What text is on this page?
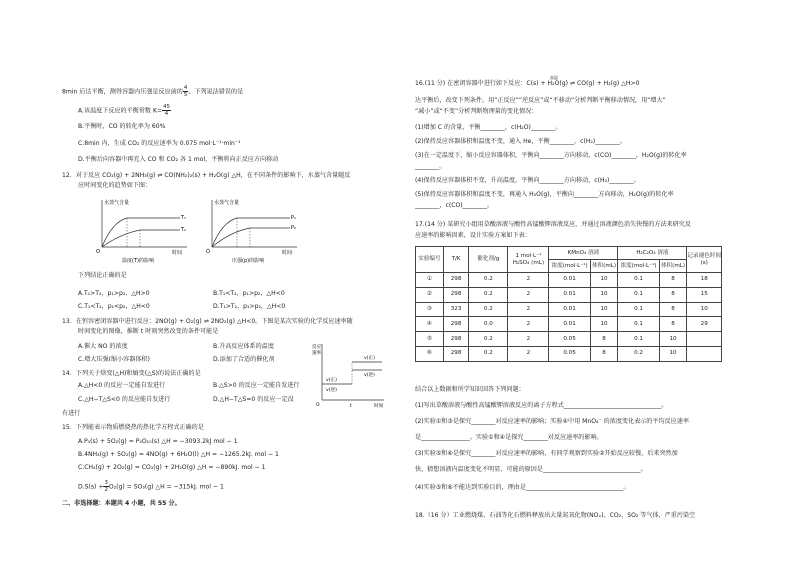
8min 后达平衡，测得容器内压强是反应前的 $\frac{4}{5}$ 。下列说法错误的是
A.该温度下反应的平衡常数 $K= \frac{45}{4}$
B.平衡时，CO 的转化率为 60%
C.8min 内，生成 CO₂ 的反应速率为 0.075 mol·L⁻¹·min⁻¹
D.平衡后向容器中再充入 CO 和 CO₂ 各 1 mol，平衡将向正反应方向移动
12．对于反应 CO₂(g) + 2NH₃(g) ⇌ CO(NH₂)₂(s) + H₂O(g) △H，在不同条件的影响下，水蒸气含量随反
应时间变化的趋势如下图：
水蒸气含量
T₁
T₂
O	时间
温度(T)的影响
水蒸气含量
P₁
P₂
O	时间
压强(p)的影响
下列结论正确的是
A.T₁>T₂，p₁>p₂，△H>0	B.T₁<T₂，p₁>p₂，△H<0
C.T₁<T₂，p₁<p₂，△H<0	D.T₁>T₂，p₁>p₂，△H<0
13．在恒容密闭容器中进行反应：2NO(g) + O₂(g) ⇌ 2NO₂(g) △H<0。下图是某次实验的化学反应速率随
时间变化的图像，推断 t 时刻突然改变的条件可能是
A.催大 NO 的浓度	B.升高反应体系的温度
C.增大压强(缩小容器体积)	D.添加了合适的催化剂
反应
速率
v(正)
v(逆)
v(正)
v(逆)
O	t	时间
14．下列关于焓变(△H)和熵变(△S)的说法正确的是
A.△H<0 的反应一定能自发进行	B.△S>0 的反应一定能自发进行
C.△H−T△S<0 的反应能自发进行	D.△H−T△S=0 的反应一定没
有进行
15．下列能表示物质燃烧热的热化学方程式正确的是
A.P₄(s) + 5O₂(g) = P₄O₁₀(s) △H = −3093.2kJ mol − 1
B.4NH₃(g) + 5O₂(g) = 4NO(g) + 6H₂O(l) △H = −1265.2kJ. mol − 1
C.CH₄(g) + 2O₂(g) = CO₂(g) + 2H₂O(g) △H = −890kJ. mol − 1
$D.S(s) + \frac{3}{2} O_2(g) = SO_3(g)$ △H = −315kJ. mol − 1
二、非选择题：本题共 4 小题，共 55 分。
16.(11 分) 在密闭容器中进行如下反应：C(s) + H₂O(g) ⇌ CO(g) + H₂(g) △H>0
高温
达平衡后，改变下列条件，用“正反应”“逆反应”或“不移动”分析判断平衡移动情况，用“增大”
“减小”或“不变”分析判断物理量的变化情况：
(1)增加 C 的含量，平衡________，c(H₂O)________。
(2)保持反应容器体积和温度不变，通入 He，平衡________，c(H₂)________。
(3)在一定温度下，缩小反应容器体积，平衡向________方向移动，c(CO)________，H₂O(g)的转化率
________。
(4)保持反应容器体积不变，升高温度，平衡向________方向移动，c(H₂)________。
(5)保持反应容器体积和温度不变，再通入 H₂O(g)，平衡向________方向移动，H₂O(g)的转化率
________，c(CO)________。
17.(14 分) 某研究小组用草酸溶液与酸性高锰酸钾溶液反应，并通过溶液颜色消失快慢的方法来研究反
应速率的影响因素，设计实验方案如下表：
实验编号	T/K	催化剂/g	1 mol·L⁻¹ H₂SO₄ (mL)	KMnO₄ 溶液		H₂C₂O₄ 溶液		记录褪色时间(s)
				浓度(mol·L⁻¹)	体积(mL)	浓度(mol·L⁻¹)	体积(mL)	
①	298	0.2	2	0.01	10	0.1	8	18
②	298	0.2	2	0.01	10	0.1	8	15
③	323	0.2	2	0.01	10	0.1	8	10
④	298	0.0	2	0.01	10	0.1	8	29
⑤	298	0.2	2	0.05	8	0.1	10	
⑥	298	0.2	2	0.05	8	0.2	10	
结合以上数据和所学知识回答下列问题：
(1)写出草酸溶液与酸性高锰酸钾溶液反应的离子方程式________________________________。
(2)实验①和③是探究________对反应速率的影响；实验④中用 MnO₄⁻ 的浓度变化表示的平均反应速率
是________________。实验①和④是探究________对反应速率的影响。
(3)实验⑤和⑥是探究________对反应速率的影响，有同学观察到实验②开始反应较慢，后来突然加
快，猜想溶液内温度变化不明显，可能的原因是________________________________。
(4)实验⑤和⑥不能达到实验目的，理由是________________________________。
18.（16 分）工业燃烧煤、石油等化石燃料释放出大量氮氧化物(NOₓ)、CO₂、SO₂ 等气体，严重污染空
